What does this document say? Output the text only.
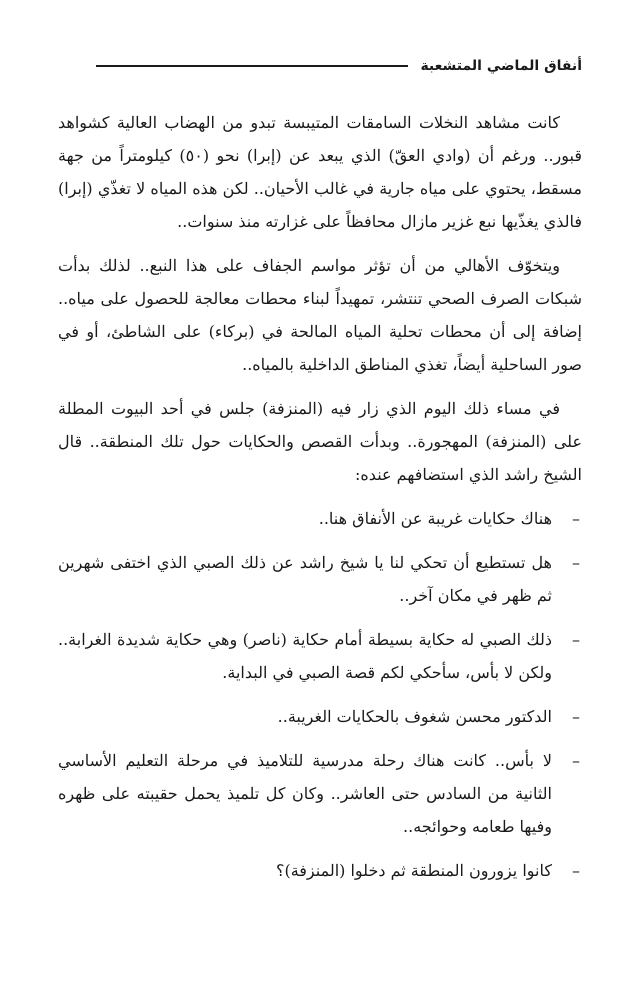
أنفاق الماضي المتشعبة

كانت مشاهد النخلات السامقات المتيبسة تبدو من الهضاب العالية كشواهد قبور.. ورغم أن (وادي العقّ) الذي يبعد عن (إبرا) نحو (٥٠) كيلومتراً من جهة مسقط، يحتوي على مياه جارية في غالب الأحيان.. لكن هذه المياه لا تغذّي (إبرا) فالذي يغذّيها نبع غزير مازال محافظاً على غزارته منذ سنوات..

ويتخوّف الأهالي من أن تؤثر مواسم الجفاف على هذا النبع.. لذلك بدأت شبكات الصرف الصحي تنتشر، تمهيداً لبناء محطات معالجة للحصول على مياه.. إضافة إلى أن محطات تحلية المياه المالحة في (بركاء) على الشاطئ، أو في صور الساحلية أيضاً، تغذي المناطق الداخلية بالمياه..

في مساء ذلك اليوم الذي زار فيه (المنزفة) جلس في أحد البيوت المطلة على (المنزفة) المهجورة.. وبدأت القصص والحكايات حول تلك المنطقة.. قال الشيخ راشد الذي استضافهم عنده:

–
هناك حكايات غريبة عن الأنفاق هنا..
–
هل تستطيع أن تحكي لنا يا شيخ راشد عن ذلك الصبي الذي اختفى شهرين ثم ظهر في مكان آخر..
–
ذلك الصبي له حكاية بسيطة أمام حكاية (ناصر) وهي حكاية شديدة الغرابة.. ولكن لا بأس، سأحكي لكم قصة الصبي في البداية.
–
الدكتور محسن شغوف بالحكايات الغريبة..
–
لا بأس.. كانت هناك رحلة مدرسية للتلاميذ في مرحلة التعليم الأساسي الثانية من السادس حتى العاشر.. وكان كل تلميذ يحمل حقيبته على ظهره وفيها طعامه وحوائجه..
–
كانوا يزورون المنطقة ثم دخلوا (المنزفة)؟
